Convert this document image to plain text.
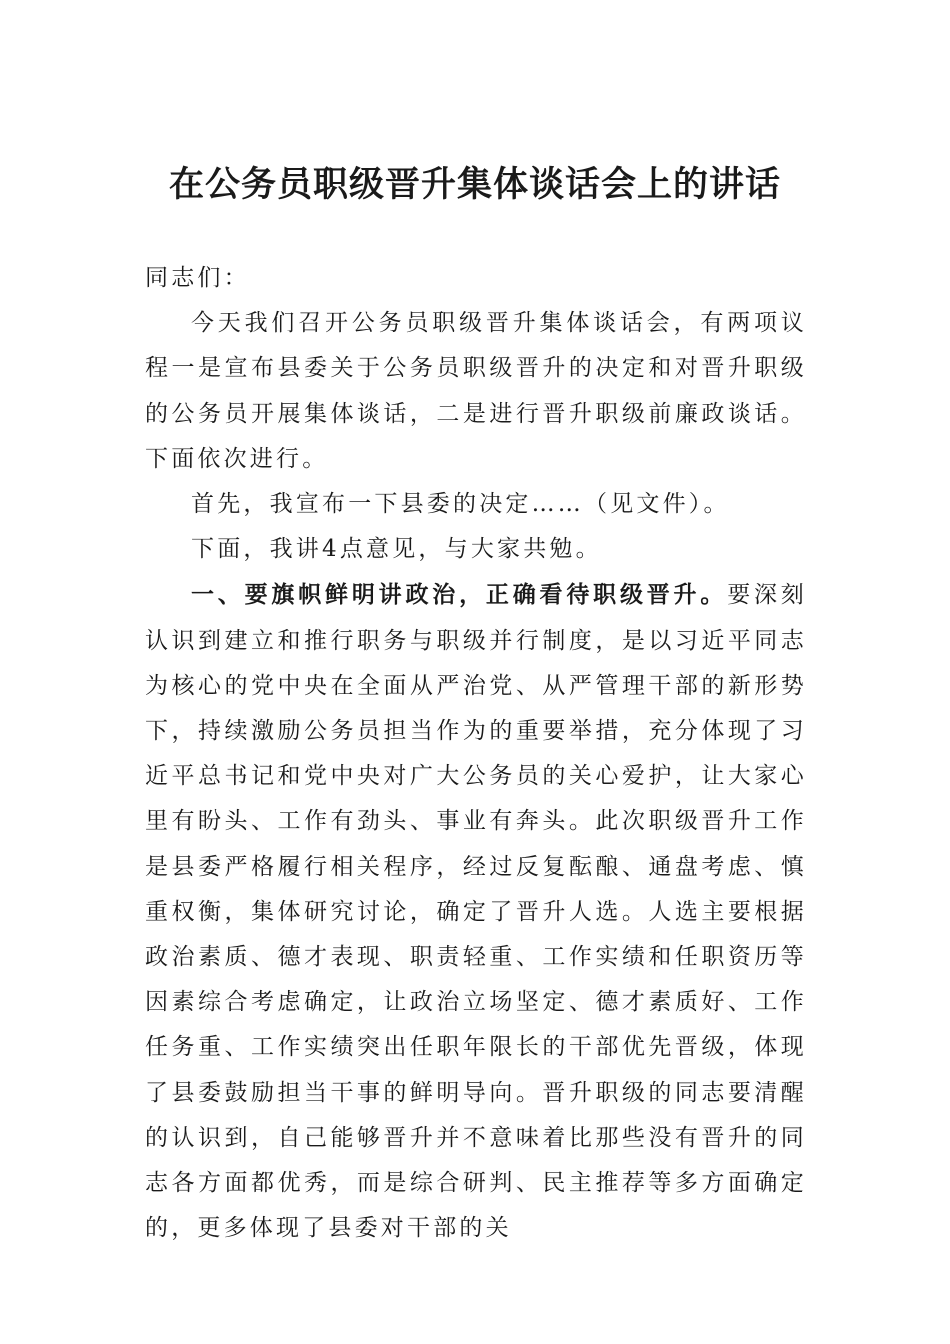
在公务员职级晋升集体谈话会上的讲话

同志们：

今天我们召开公务员职级晋升集体谈话会，有两项议程一是宣布县委关于公务员职级晋升的决定和对晋升职级的公务员开展集体谈话，二是进行晋升职级前廉政谈话。下面依次进行。

首先，我宣布一下县委的决定……（见文件）。

下面，我讲4点意见，与大家共勉。

一、要旗帜鲜明讲政治，正确看待职级晋升。要深刻认识到建立和推行职务与职级并行制度，是以习近平同志为核心的党中央在全面从严治党、从严管理干部的新形势下，持续激励公务员担当作为的重要举措，充分体现了习近平总书记和党中央对广大公务员的关心爱护，让大家心里有盼头、工作有劲头、事业有奔头。此次职级晋升工作是县委严格履行相关程序，经过反复酝酿、通盘考虑、慎重权衡，集体研究讨论，确定了晋升人选。人选主要根据政治素质、德才表现、职责轻重、工作实绩和任职资历等因素综合考虑确定，让政治立场坚定、德才素质好、工作任务重、工作实绩突出任职年限长的干部优先晋级，体现了县委鼓励担当干事的鲜明导向。晋升职级的同志要清醒的认识到，自己能够晋升并不意味着比那些没有晋升的同志各方面都优秀，而是综合研判、民主推荐等多方面确定的，更多体现了县委对干部的关
